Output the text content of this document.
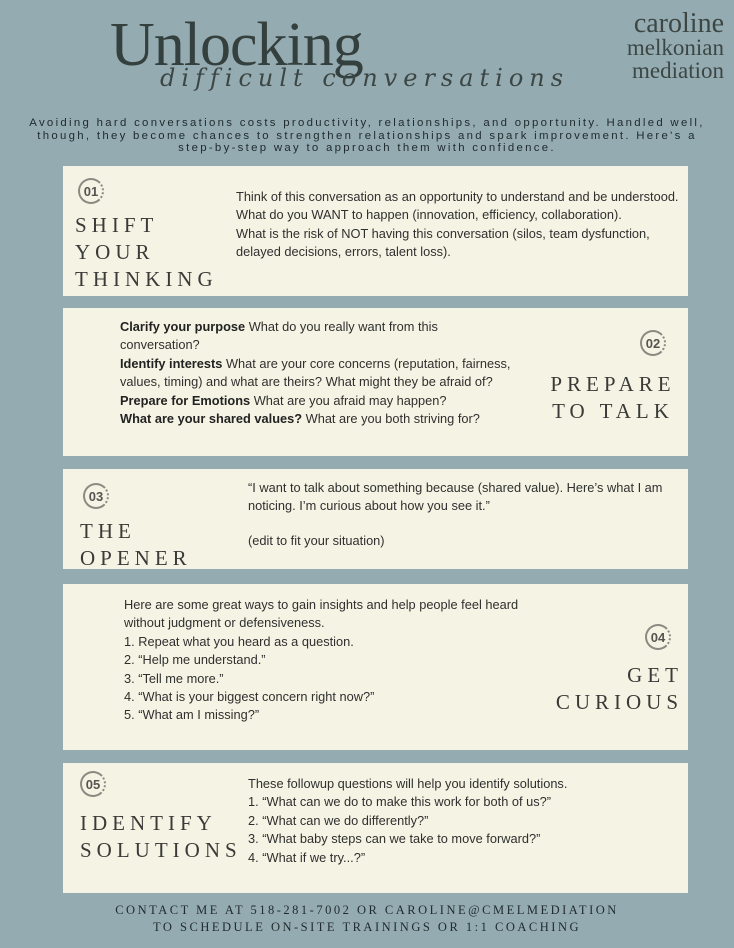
Unlocking
difficult conversations
caroline
melkonian
mediation
Avoiding hard conversations costs productivity, relationships, and opportunity. Handled well, though, they become chances to strengthen relationships and spark improvement. Here's a step-by-step way to approach them with confidence.
01
SHIFT
YOUR
THINKING

Think of this conversation as an opportunity to understand and be understood.

What do you WANT to happen (innovation, efficiency, collaboration).

What is the risk of NOT having this conversation (silos, team dysfunction, delayed decisions, errors, talent loss).

02
PREPARE
TO TALK

Clarify your purpose What do you really want from this conversation?

Identify interests What are your core concerns (reputation, fairness, values, timing) and what are theirs? What might they be afraid of?

Prepare for Emotions What are you afraid may happen?

What are your shared values? What are you both striving for?

03
THE
OPENER

“I want to talk about something because (shared value). Here’s what I am noticing. I’m curious about how you see it.”

(edit to fit your situation)

04
GET
CURIOUS

Here are some great ways to gain insights and help people feel heard without judgment or defensiveness.

1. Repeat what you heard as a question.

2. “Help me understand.”

3. “Tell me more.”

4. “What is your biggest concern right now?”

5. “What am I missing?”

05
IDENTIFY
SOLUTIONS

These followup questions will help you identify solutions.

1. “What can we do to make this work for both of us?”

2. “What can we do differently?”

3. “What baby steps can we take to move forward?”

4. “What if we try...?”

CONTACT ME AT 518-281-7002 OR CAROLINE@CMELMEDIATION
TO SCHEDULE ON-SITE TRAININGS OR 1:1 COACHING
